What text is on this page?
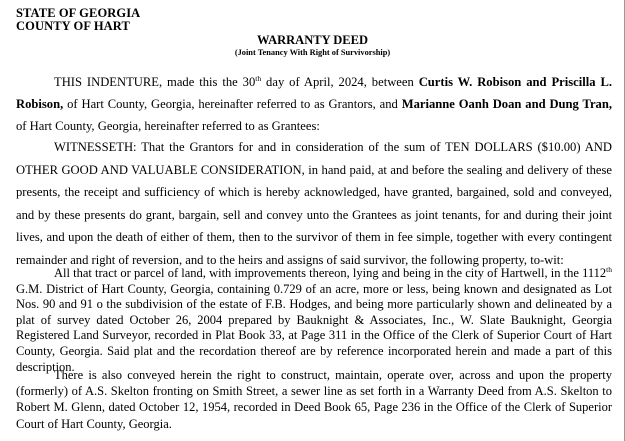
STATE OF GEORGIA
COUNTY OF HART
WARRANTY DEED
(Joint Tenancy With Right of Survivorship)
THIS INDENTURE, made this the 30th day of April, 2024, between Curtis W. Robison and Priscilla L. Robison, of Hart County, Georgia, hereinafter referred to as Grantors, and Marianne Oanh Doan and Dung Tran, of Hart County, Georgia, hereinafter referred to as Grantees:
WITNESSETH: That the Grantors for and in consideration of the sum of TEN DOLLARS ($10.00) AND OTHER GOOD AND VALUABLE CONSIDERATION, in hand paid, at and before the sealing and delivery of these presents, the receipt and sufficiency of which is hereby acknowledged, have granted, bargained, sold and conveyed, and by these presents do grant, bargain, sell and convey unto the Grantees as joint tenants, for and during their joint lives, and upon the death of either of them, then to the survivor of them in fee simple, together with every contingent remainder and right of reversion, and to the heirs and assigns of said survivor, the following property, to-wit:
All that tract or parcel of land, with improvements thereon, lying and being in the city of Hartwell, in the 1112th G.M. District of Hart County, Georgia, containing 0.729 of an acre, more or less, being known and designated as Lot Nos. 90 and 91 o the subdivision of the estate of F.B. Hodges, and being more particularly shown and delineated by a plat of survey dated October 26, 2004 prepared by Bauknight & Associates, Inc., W. Slate Bauknight, Georgia Registered Land Surveyor, recorded in Plat Book 33, at Page 311 in the Office of the Clerk of Superior Court of Hart County, Georgia. Said plat and the recordation thereof are by reference incorporated herein and made a part of this description.
There is also conveyed herein the right to construct, maintain, operate over, across and upon the property (formerly) of A.S. Skelton fronting on Smith Street, a sewer line as set forth in a Warranty Deed from A.S. Skelton to Robert M. Glenn, dated October 12, 1954, recorded in Deed Book 65, Page 236 in the Office of the Clerk of Superior Court of Hart County, Georgia.
